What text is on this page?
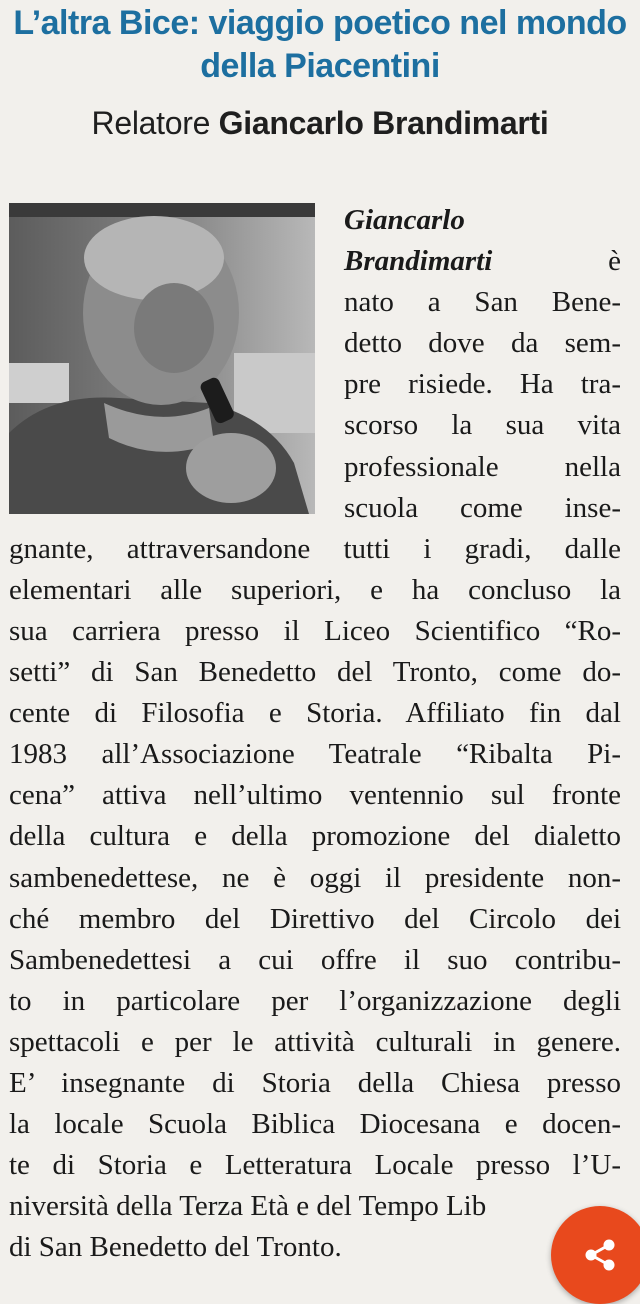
L’altra Bice: viaggio poetico nel mondo
della Piacentini
Relatore Giancarlo Brandimarti
Giancarlo
Brandimarti	è
nato a San Bene-
detto dove da sem-
pre risiede. Ha tra-
scorso la sua vita
professionale nella
scuola come inse-
gnante, attraversandone tutti i gradi, dalle
elementari alle superiori, e ha concluso la
sua carriera presso il Liceo Scientifico “Ro-
setti” di San Benedetto del Tronto, come do-
cente di Filosofia e Storia. Affiliato fin dal
1983 all’Associazione Teatrale “Ribalta Pi-
cena” attiva nell’ultimo ventennio sul fronte
della cultura e della promozione del dialetto
sambenedettese, ne è oggi il presidente non-
ché membro del Direttivo del Circolo dei
Sambenedettesi a cui offre il suo contribu-
to in particolare per l’organizzazione degli
spettacoli e per le attività culturali in genere.
E’ insegnante di Storia della Chiesa presso
la locale Scuola Biblica Diocesana e docen-
te di Storia e Letteratura Locale presso l’U-
niversità della Terza Età e del Tempo Lib
di San Benedetto del Tronto.
